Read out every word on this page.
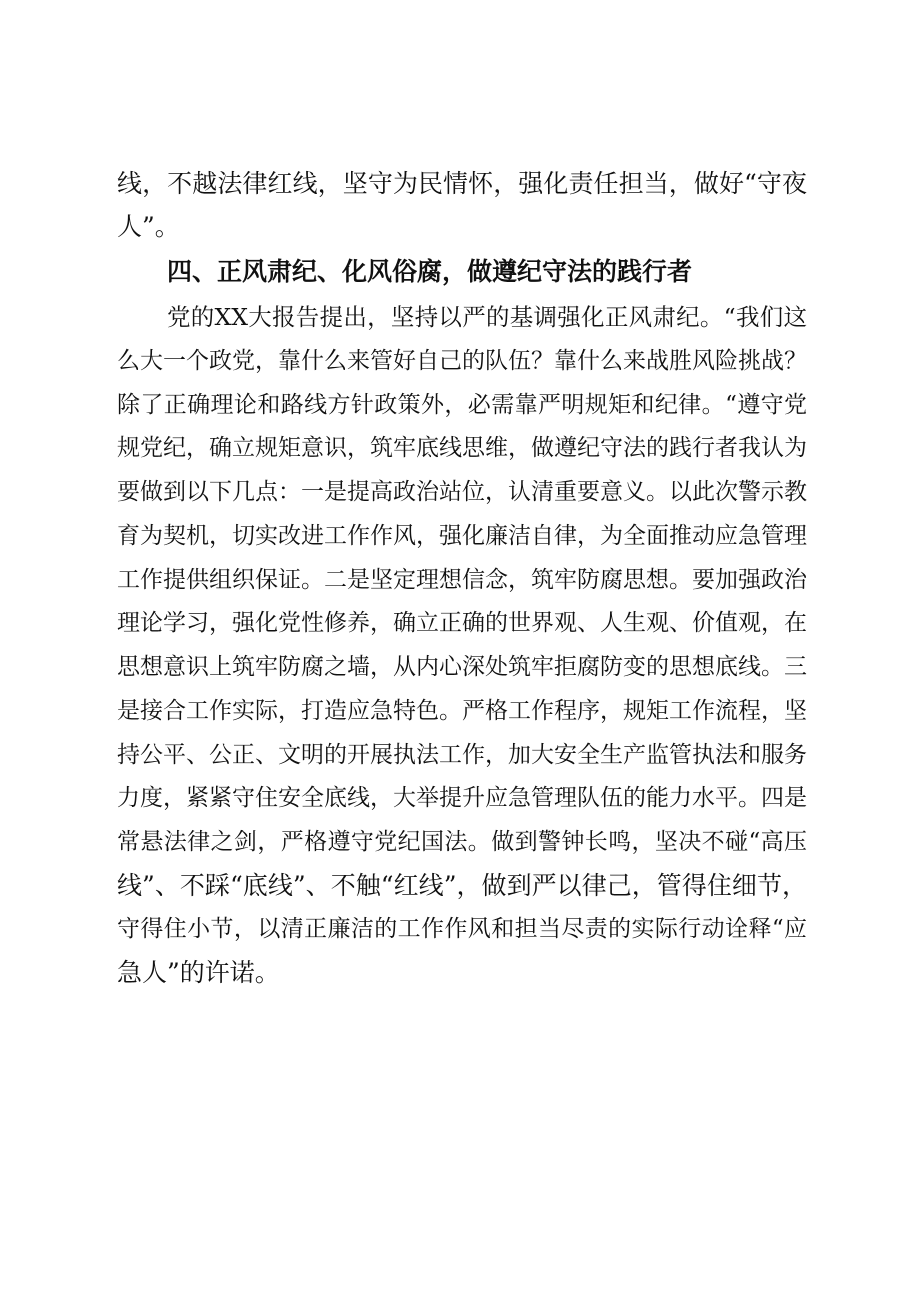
线，不越法律红线，坚守为民情怀，强化责任担当，做好“守夜
人”。
四、正风肃纪、化风俗腐，做遵纪守法的践行者
党的XX大报告提出，坚持以严的基调强化正风肃纪。“我们这
么大一个政党，靠什么来管好自己的队伍？靠什么来战胜风险挑战？
除了正确理论和路线方针政策外，必需靠严明规矩和纪律。“遵守党
规党纪，确立规矩意识，筑牢底线思维，做遵纪守法的践行者我认为
要做到以下几点：一是提高政治站位，认清重要意义。以此次警示教
育为契机，切实改进工作作风，强化廉洁自律，为全面推动应急管理
工作提供组织保证。二是坚定理想信念，筑牢防腐思想。要加强政治
理论学习，强化党性修养，确立正确的世界观、人生观、价值观，在
思想意识上筑牢防腐之墙，从内心深处筑牢拒腐防变的思想底线。三
是接合工作实际，打造应急特色。严格工作程序，规矩工作流程，坚
持公平、公正、文明的开展执法工作，加大安全生产监管执法和服务
力度，紧紧守住安全底线，大举提升应急管理队伍的能力水平。四是
常悬法律之剑，严格遵守党纪国法。做到警钟长鸣，坚决不碰“高压
线”、不踩“底线”、不触“红线”，做到严以律己，管得住细节，
守得住小节，以清正廉洁的工作作风和担当尽责的实际行动诠释“应
急人”的许诺。
